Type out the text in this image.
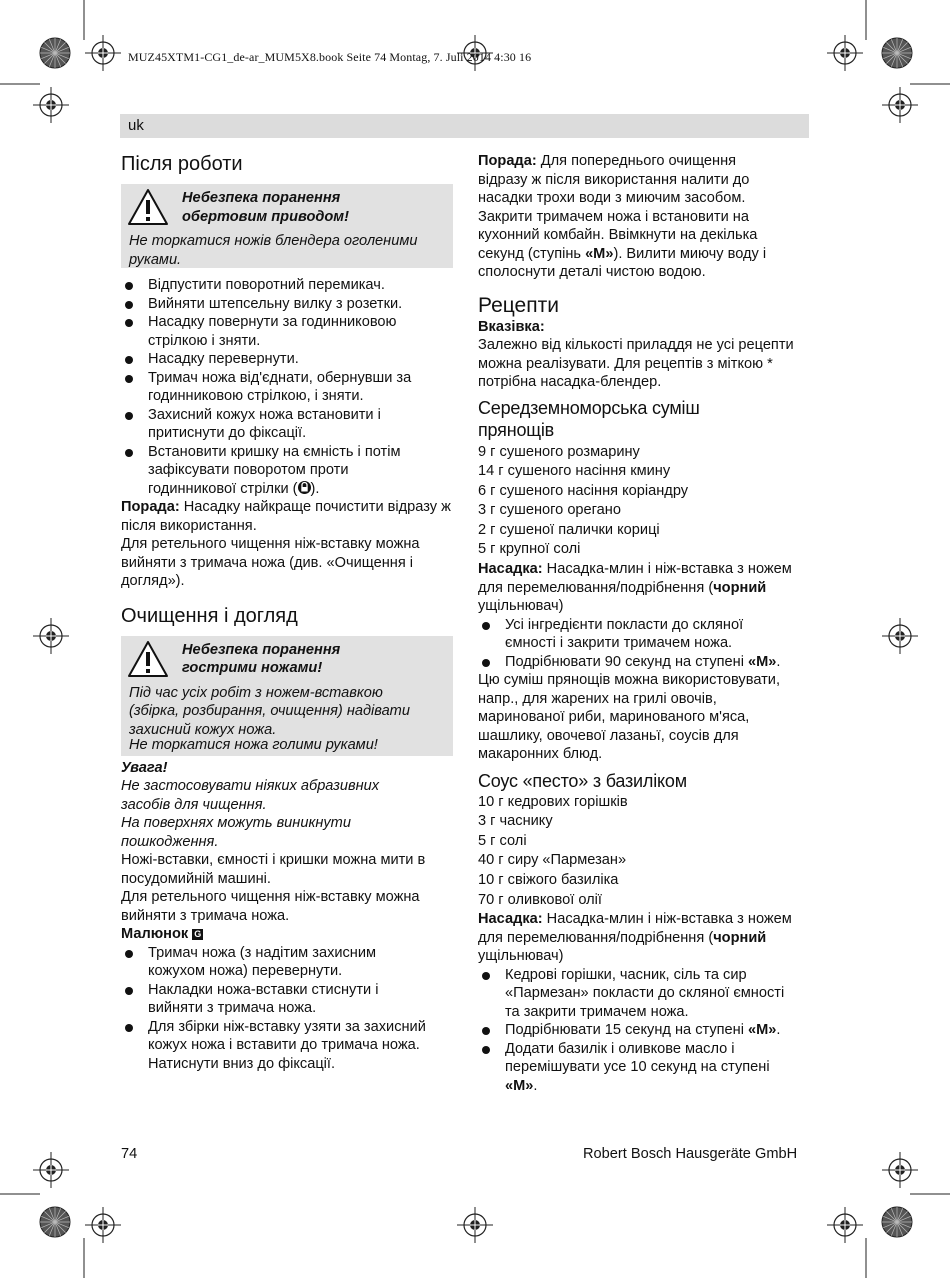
MUZ45XTM1-CG1_de-ar_MUM5X8.book Seite 74 Montag, 7. Juli 2014 4:30 16
uk
Після роботи
Небезпека поранення
обертовим приводом!
Не торкатися ножів блендера оголеними руками.
Відпустити поворотний перемикач.
Вийняти штепсельну вилку з розетки.
Насадку повернути за годинниковою стрілкою і зняти.
Насадку перевернути.
Тримач ножа від'єднати, обернувши за годинниковою стрілкою, і зняти.
Захисний кожух ножа встановити і притиснути до фіксації.
Встановити кришку на ємність і потім зафіксувати поворотом проти годинникової стрілки ( ).

Порада: Насадку найкраще почистити відразу ж після використання.

Для ретельного чищення ніж-вставку можна вийняти з тримача ножа (див. «Очищення і догляд»).

Очищення і догляд
Небезпека поранення
гострими ножами!
Під час усіх робіт з ножем-вставкою (збірка, розбирання, очищення) надівати захисний кожух ножа.
Не торкатися ножа голими руками!

Увага!

Не застосовувати ніяких абразивних засобів для чищення.

На поверхнях можуть виникнути пошкодження.

Ножі-вставки, ємності і кришки можна мити в посудомийній машині.

Для ретельного чищення ніж-вставку можна вийняти з тримача ножа.

Малюнок G

Тримач ножа (з надітим захисним кожухом ножа) перевернути.
Накладки ножа-вставки стиснути і вийняти з тримача ножа.
Для збірки ніж-вставку узяти за захисний кожух ножа і вставити до тримача ножа. Натиснути вниз до фіксації.

Порада: Для попереднього очищення відразу ж після використання налити до насадки трохи води з миючим засобом. Закрити тримачем ножа і встановити на кухонний комбайн. Ввімкнути на декілька секунд (ступінь «M»). Вилити миючу воду і сполоснути деталі чистою водою.

Рецепти

Вказівка:

Залежно від кількості приладдя не усі рецепти можна реалізувати. Для рецептів з міткою * потрібна насадка-блендер.

Середземноморська суміш прянощів

9 г сушеного розмарину

14 г сушеного насіння кмину

6 г сушеного насіння коріандру

3 г сушеного орегано

2 г сушеної палички кориці

5 г крупної солі

Насадка: Насадка-млин і ніж-вставка з ножем для перемелювання/подрібнення (чорний ущільнювач)

Усі інгредієнти покласти до скляної ємності і закрити тримачем ножа.
Подрібнювати 90 секунд на ступені «M».

Цю суміш прянощів можна використовувати, напр., для жарених на грилі овочів, маринованої риби, маринованого м'яса, шашлику, овочевої лазаньї, соусів для макаронних блюд.

Соус «песто» з базиліком

10 г кедрових горішків

3 г часнику

5 г солі

40 г сиру «Пармезан»

10 г свіжого базиліка

70 г оливкової олії

Насадка: Насадка-млин і ніж-вставка з ножем для перемелювання/подрібнення (чорний ущільнювач)

Кедрові горішки, часник, сіль та сир «Пармезан» покласти до скляної ємності та закрити тримачем ножа.
Подрібнювати 15 секунд на ступені «M».
Додати базилік і оливкове масло і перемішувати усе 10 секунд на ступені «M».
74	Robert Bosch Hausgeräte GmbH
